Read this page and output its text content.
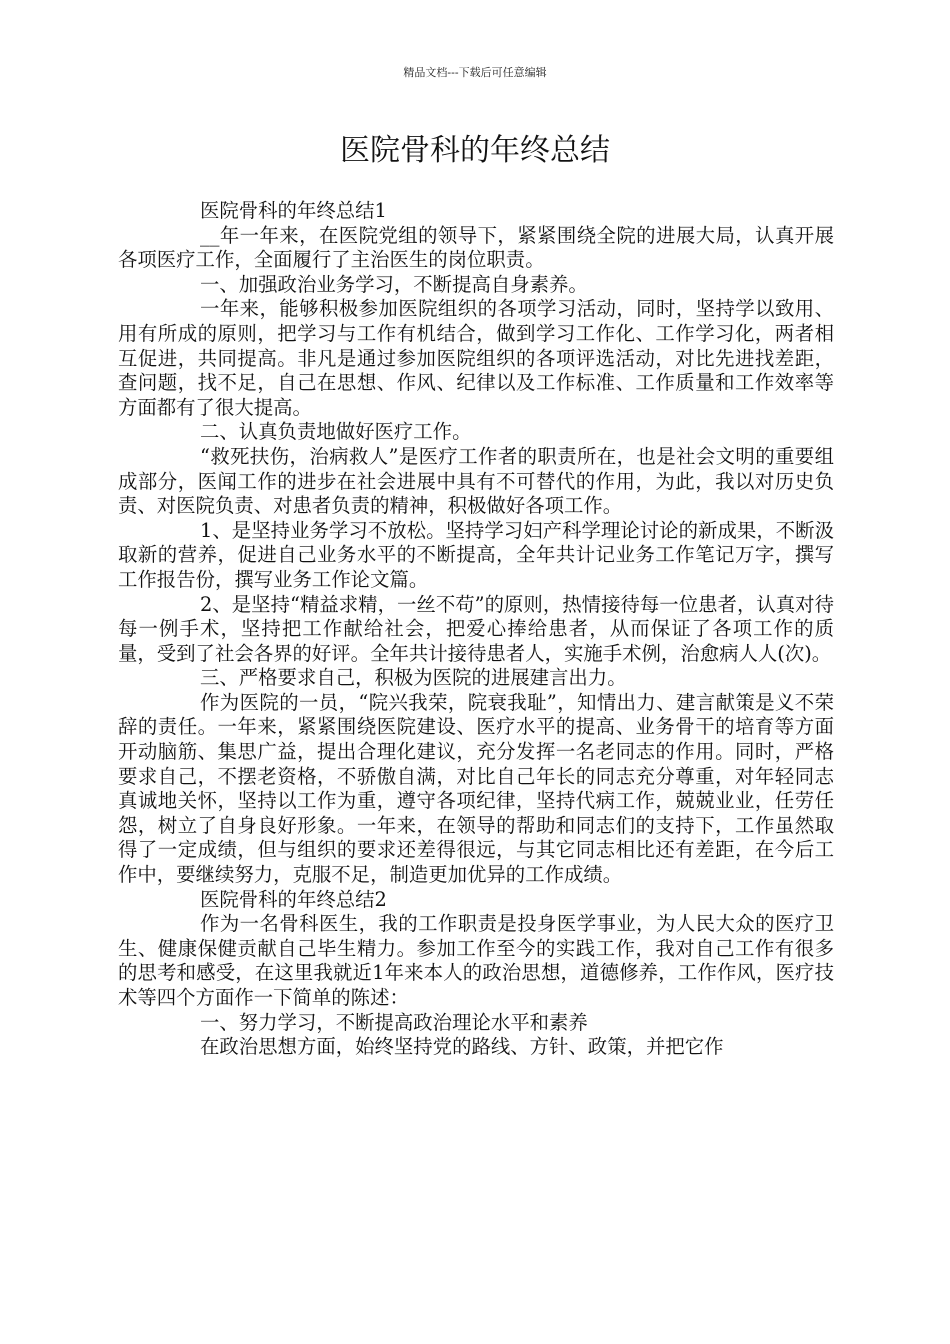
精品文档---下载后可任意编辑
医院骨科的年终总结

医院骨科的年终总结1

__年一年来，在医院党组的领导下，紧紧围绕全院的进展大局，认真开展各项医疗工作，全面履行了主治医生的岗位职责。

一、加强政治业务学习，不断提高自身素养。

一年来，能够积极参加医院组织的各项学习活动，同时，坚持学以致用、用有所成的原则，把学习与工作有机结合，做到学习工作化、工作学习化，两者相互促进，共同提高。非凡是通过参加医院组织的各项评选活动，对比先进找差距，查问题，找不足，自己在思想、作风、纪律以及工作标准、工作质量和工作效率等方面都有了很大提高。

二、认真负责地做好医疗工作。

“救死扶伤，治病救人”是医疗工作者的职责所在，也是社会文明的重要组成部分，医闻工作的进步在社会进展中具有不可替代的作用，为此，我以对历史负责、对医院负责、对患者负责的精神，积极做好各项工作。

1、是坚持业务学习不放松。坚持学习妇产科学理论讨论的新成果，不断汲取新的营养，促进自己业务水平的不断提高，全年共计记业务工作笔记万字，撰写工作报告份，撰写业务工作论文篇。

2、是坚持“精益求精，一丝不苟”的原则，热情接待每一位患者，认真对待每一例手术，坚持把工作献给社会，把爱心捧给患者，从而保证了各项工作的质量，受到了社会各界的好评。全年共计接待患者人，实施手术例，治愈病人人(次)。

三、严格要求自己，积极为医院的进展建言出力。

作为医院的一员，“院兴我荣，院衰我耻”，知情出力、建言献策是义不荣辞的责任。一年来，紧紧围绕医院建设、医疗水平的提高、业务骨干的培育等方面开动脑筋、集思广益，提出合理化建议，充分发挥一名老同志的作用。同时，严格要求自己，不摆老资格，不骄傲自满，对比自己年长的同志充分尊重，对年轻同志真诚地关怀，坚持以工作为重，遵守各项纪律，坚持代病工作，兢兢业业，任劳任怨，树立了自身良好形象。一年来，在领导的帮助和同志们的支持下，工作虽然取得了一定成绩，但与组织的要求还差得很远，与其它同志相比还有差距，在今后工作中，要继续努力，克服不足，制造更加优异的工作成绩。

医院骨科的年终总结2

作为一名骨科医生，我的工作职责是投身医学事业，为人民大众的医疗卫生、健康保健贡献自己毕生精力。参加工作至今的实践工作，我对自己工作有很多的思考和感受，在这里我就近1年来本人的政治思想，道德修养，工作作风，医疗技术等四个方面作一下简单的陈述：

一、努力学习，不断提高政治理论水平和素养

在政治思想方面，始终坚持党的路线、方针、政策，并把它作
